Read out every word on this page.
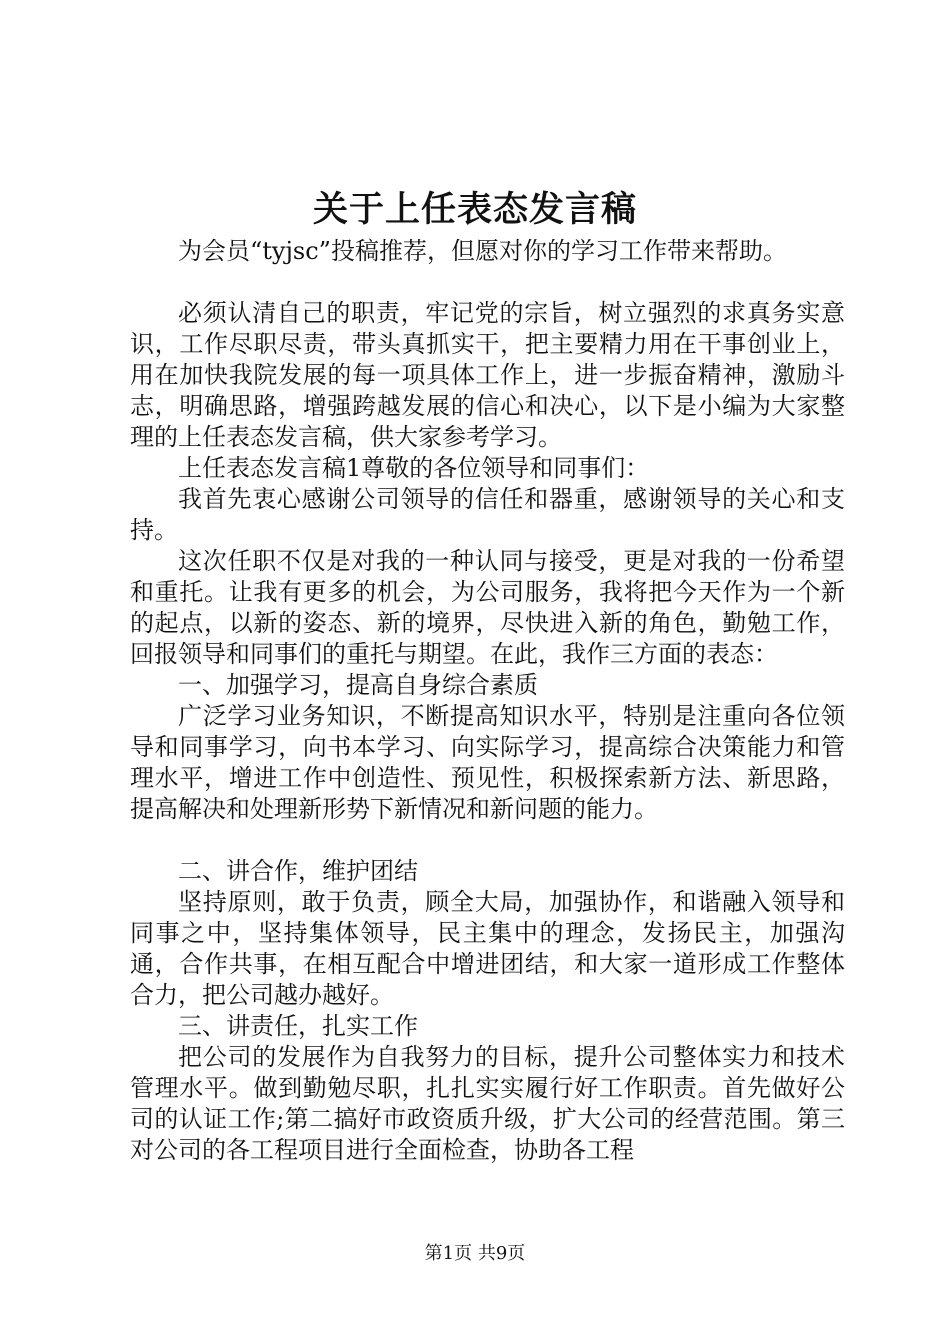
关于上任表态发言稿

为会员“tyjsc”投稿推荐，但愿对你的学习工作带来帮助。

必须认清自己的职责，牢记党的宗旨，树立强烈的求真务实意识，工作尽职尽责，带头真抓实干，把主要精力用在干事创业上，用在加快我院发展的每一项具体工作上，进一步振奋精神，激励斗志，明确思路，增强跨越发展的信心和决心，以下是小编为大家整理的上任表态发言稿，供大家参考学习。

上任表态发言稿1尊敬的各位领导和同事们：

我首先衷心感谢公司领导的信任和器重，感谢领导的关心和支持。

这次任职不仅是对我的一种认同与接受，更是对我的一份希望和重托。让我有更多的机会，为公司服务，我将把今天作为一个新的起点，以新的姿态、新的境界，尽快进入新的角色，勤勉工作，回报领导和同事们的重托与期望。在此，我作三方面的表态：

一、加强学习，提高自身综合素质

广泛学习业务知识，不断提高知识水平，特别是注重向各位领导和同事学习，向书本学习、向实际学习，提高综合决策能力和管理水平，增进工作中创造性、预见性，积极探索新方法、新思路，提高解决和处理新形势下新情况和新问题的能力。

二、讲合作，维护团结

坚持原则，敢于负责，顾全大局，加强协作，和谐融入领导和同事之中，坚持集体领导，民主集中的理念，发扬民主，加强沟通，合作共事，在相互配合中增进团结，和大家一道形成工作整体合力，把公司越办越好。

三、讲责任，扎实工作

把公司的发展作为自我努力的目标，提升公司整体实力和技术管理水平。做到勤勉尽职，扎扎实实履行好工作职责。首先做好公司的认证工作;第二搞好市政资质升级，扩大公司的经营范围。第三对公司的各工程项目进行全面检查，协助各工程

第1页 共9页
